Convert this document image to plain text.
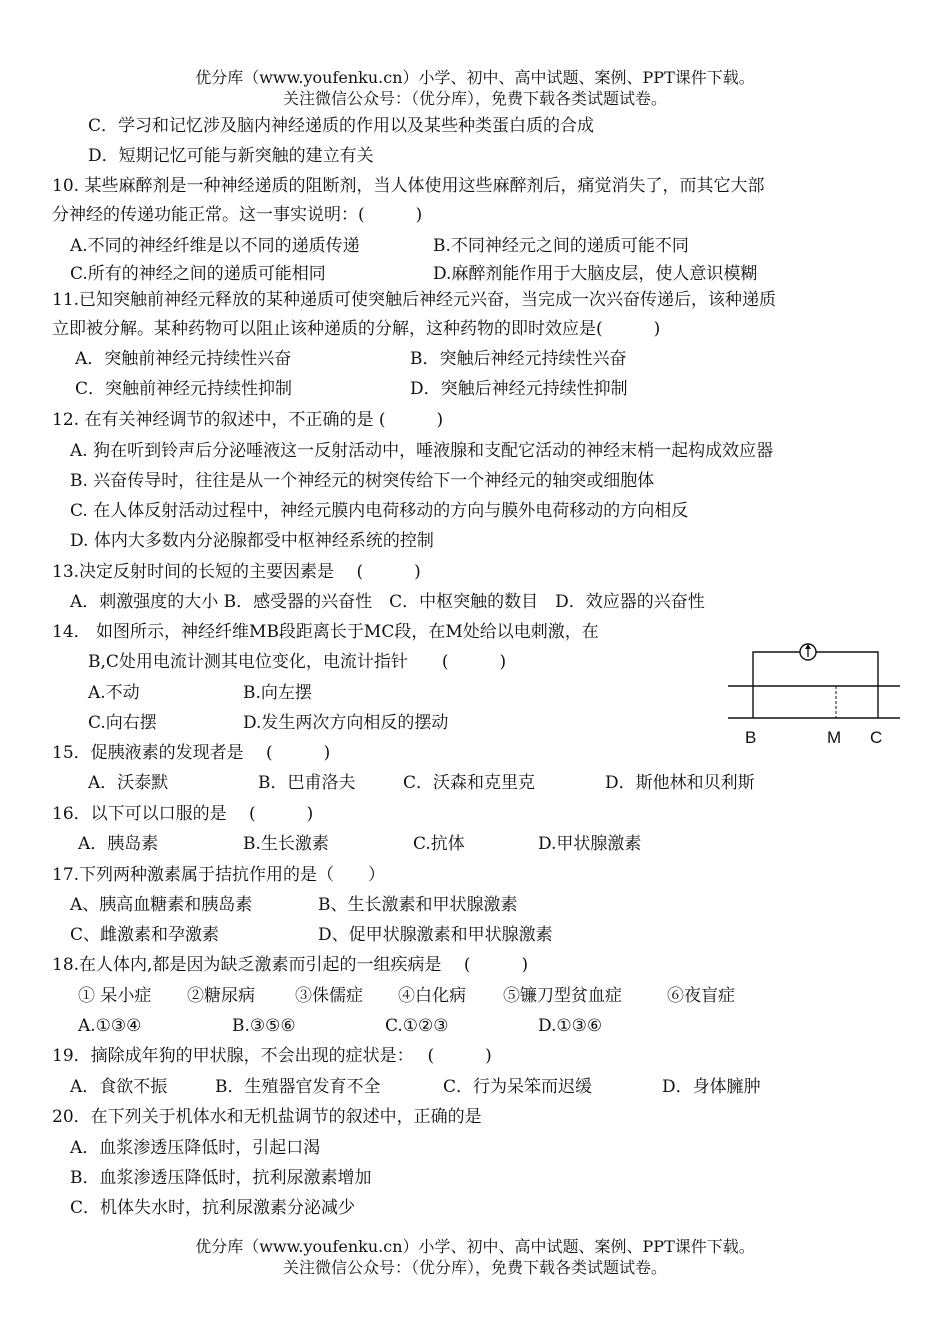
优分库（www.youfenku.cn）小学、初中、高中试题、案例、PPT课件下载。
关注微信公众号：（优分库），免费下载各类试题试卷。
C．学习和记忆涉及脑内神经递质的作用以及某些种类蛋白质的合成
D．短期记忆可能与新突触的建立有关
10. 某些麻醉剂是一种神经递质的阻断剂，当人体使用这些麻醉剂后，痛觉消失了，而其它大部
分神经的传递功能正常。这一事实说明：(　　　)
A.不同的神经纤维是以不同的递质传递	B.不同神经元之间的递质可能不同
C.所有的神经之间的递质可能相同	D.麻醉剂能作用于大脑皮层，使人意识模糊
11.已知突触前神经元释放的某种递质可使突触后神经元兴奋，当完成一次兴奋传递后，该种递质
立即被分解。某种药物可以阻止该种递质的分解，这种药物的即时效应是(　　　)
A．突触前神经元持续性兴奋	B．突触后神经元持续性兴奋
C．突触前神经元持续性抑制	D．突触后神经元持续性抑制
12. 在有关神经调节的叙述中，不正确的是 (　　　)
A. 狗在听到铃声后分泌唾液这一反射活动中，唾液腺和支配它活动的神经末梢一起构成效应器
B. 兴奋传导时，往往是从一个神经元的树突传给下一个神经元的轴突或细胞体
C. 在人体反射活动过程中，神经元膜内电荷移动的方向与膜外电荷移动的方向相反
D. 体内大多数内分泌腺都受中枢神经系统的控制
13.决定反射时间的长短的主要因素是　 (　　　)
A．刺激强度的大小 B．感受器的兴奋性　C．中枢突触的数目　D．效应器的兴奋性
14． 如图所示，神经纤维MB段距离长于MC段，在M处给以电刺激，在
B,C处用电流计测其电位变化，电流计指针　　(　　　)
A.不动	B.向左摆
C.向右摆	D.发生两次方向相反的摆动
B	M C
15．促胰液素的发现者是　 (　　　)
A．沃泰默	B．巴甫洛夫	C．沃森和克里克	D．斯他林和贝利斯
16．以下可以口服的是　 (　　　)
A．胰岛素	B.生长激素	C.抗体	D.甲状腺激素
17.下列两种激素属于拮抗作用的是（　　）
A、胰高血糖素和胰岛素	B、生长激素和甲状腺激素
C、雌激素和孕激素	D、促甲状腺激素和甲状腺激素
18.在人体内,都是因为缺乏激素而引起的一组疾病是　 (　　　)
① 呆小症 ②糖尿病 ③侏儒症 ④白化病 ⑤镰刀型贫血症	⑥夜盲症
A.①③④	B.③⑤⑥	C.①②③	D.①③⑥
19．摘除成年狗的甲状腺，不会出现的症状是：　 (　　　)
A．食欲不振	B．生殖器官发育不全	C．行为呆笨而迟缓	D．身体臃肿
20．在下列关于机体水和无机盐调节的叙述中，正确的是
A．血浆渗透压降低时，引起口渴
B．血浆渗透压降低时，抗利尿激素增加
C．机体失水时，抗利尿激素分泌减少
优分库（www.youfenku.cn）小学、初中、高中试题、案例、PPT课件下载。
关注微信公众号：（优分库），免费下载各类试题试卷。
